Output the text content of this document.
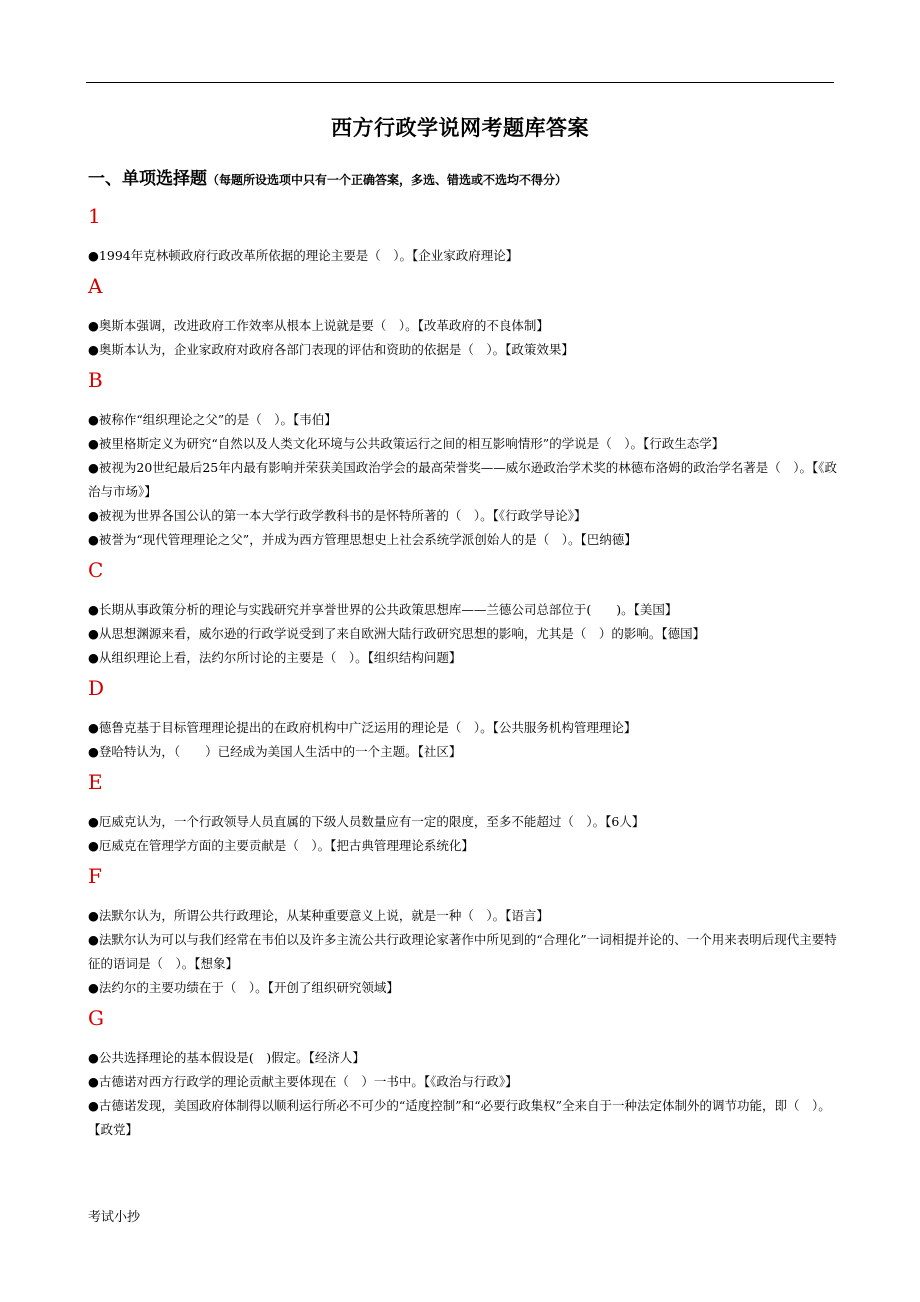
西方行政学说网考题库答案
一、单项选择题（每题所设选项中只有一个正确答案，多选、错选或不选均不得分）
1

●1994年克林顿政府行政改革所依据的理论主要是（　）。【企业家政府理论】

A

●奥斯本强调，改进政府工作效率从根本上说就是要（　）。【改革政府的不良体制】

●奥斯本认为，企业家政府对政府各部门表现的评估和资助的依据是（　）。【政策效果】

B

●被称作“组织理论之父”的是（　）。【韦伯】

●被里格斯定义为研究“自然以及人类文化环境与公共政策运行之间的相互影响情形”的学说是（　）。【行政生态学】

●被视为20世纪最后25年内最有影响并荣获美国政治学会的最高荣誉奖——威尔逊政治学术奖的林德布洛姆的政治学名著是（　）。【《政治与市场》】

●被视为世界各国公认的第一本大学行政学教科书的是怀特所著的（　）。【《行政学导论》】

●被誉为“现代管理理论之父”，并成为西方管理思想史上社会系统学派创始人的是（　）。【巴纳德】

C

●长期从事政策分析的理论与实践研究并享誉世界的公共政策思想库——兰德公司总部位于(　　)。【美国】

●从思想渊源来看，威尔逊的行政学说受到了来自欧洲大陆行政研究思想的影响，尤其是（　）的影响。【德国】

●从组织理论上看，法约尔所讨论的主要是（　）。【组织结构问题】

D

●德鲁克基于目标管理理论提出的在政府机构中广泛运用的理论是（　）。【公共服务机构管理理论】

●登哈特认为，（　　）已经成为美国人生活中的一个主题。【社区】

E

●厄威克认为，一个行政领导人员直属的下级人员数量应有一定的限度，至多不能超过（　）。【6人】

●厄威克在管理学方面的主要贡献是（　）。【把古典管理理论系统化】

F

●法默尔认为，所谓公共行政理论，从某种重要意义上说，就是一种（　）。【语言】

●法默尔认为可以与我们经常在韦伯以及许多主流公共行政理论家著作中所见到的“合理化”一词相提并论的、一个用来表明后现代主要特征的语词是（　）。【想象】

●法约尔的主要功绩在于（　）。【开创了组织研究领域】

G

●公共选择理论的基本假设是(　)假定。【经济人】

●古德诺对西方行政学的理论贡献主要体现在（　）一书中。【《政治与行政》】

●古德诺发现，美国政府体制得以顺利运行所必不可少的“适度控制”和“必要行政集权”全来自于一种法定体制外的调节功能，即（　）。【政党】

考试小抄
